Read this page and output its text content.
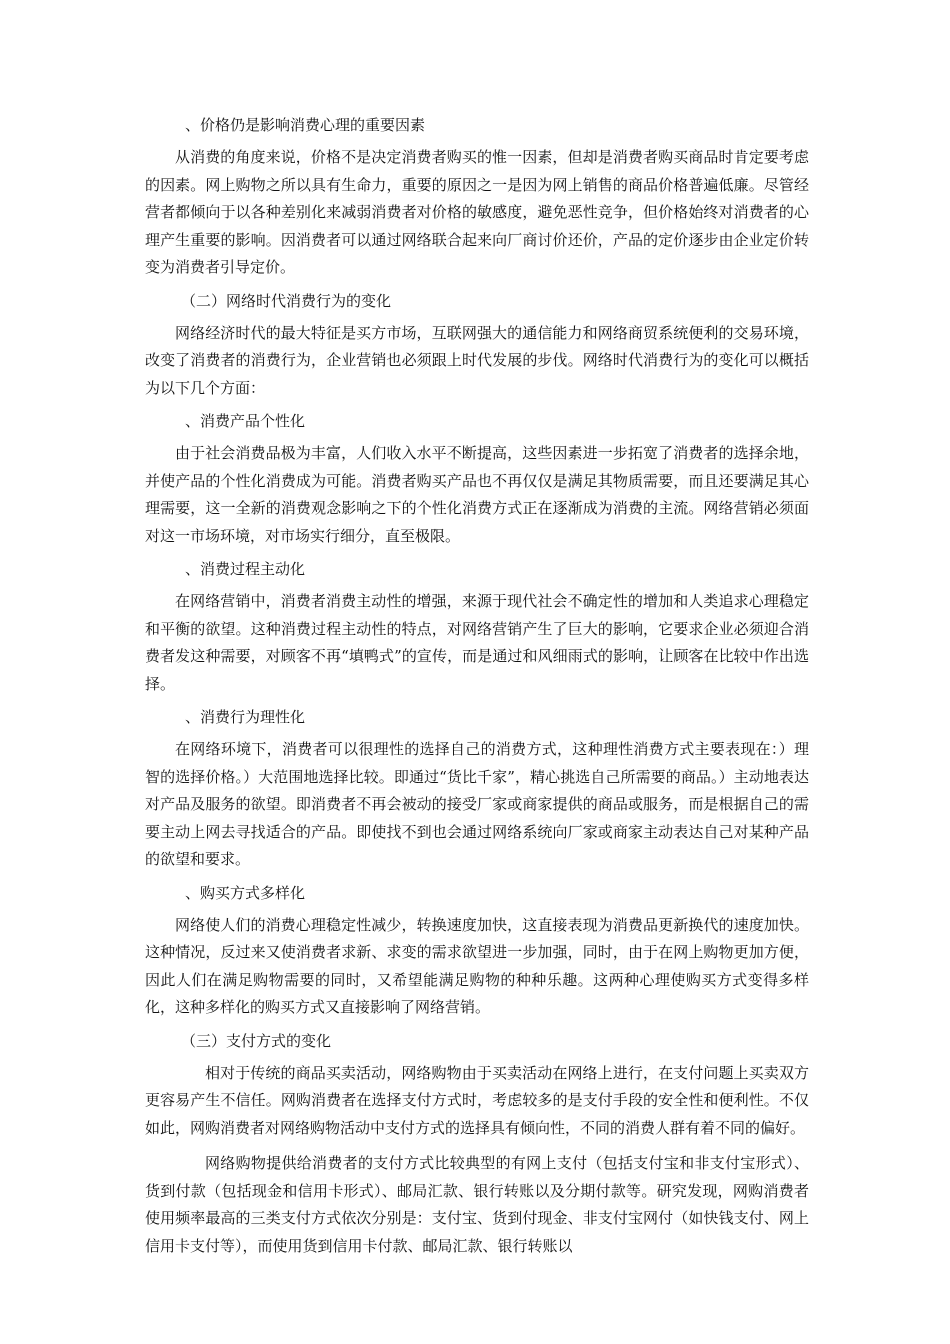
、价格仍是影响消费心理的重要因素

从消费的角度来说，价格不是决定消费者购买的惟一因素，但却是消费者购买商品时肯定要考虑的因素。网上购物之所以具有生命力，重要的原因之一是因为网上销售的商品价格普遍低廉。尽管经营者都倾向于以各种差别化来减弱消费者对价格的敏感度，避免恶性竞争，但价格始终对消费者的心理产生重要的影响。因消费者可以通过网络联合起来向厂商讨价还价，产品的定价逐步由企业定价转变为消费者引导定价。

（二）网络时代消费行为的变化

网络经济时代的最大特征是买方市场，互联网强大的通信能力和网络商贸系统便利的交易环境，改变了消费者的消费行为，企业营销也必须跟上时代发展的步伐。网络时代消费行为的变化可以概括为以下几个方面：

、消费产品个性化

由于社会消费品极为丰富，人们收入水平不断提高，这些因素进一步拓宽了消费者的选择余地，并使产品的个性化消费成为可能。消费者购买产品也不再仅仅是满足其物质需要，而且还要满足其心理需要，这一全新的消费观念影响之下的个性化消费方式正在逐渐成为消费的主流。网络营销必须面对这一市场环境，对市场实行细分，直至极限。

、消费过程主动化

在网络营销中，消费者消费主动性的增强，来源于现代社会不确定性的增加和人类追求心理稳定和平衡的欲望。这种消费过程主动性的特点，对网络营销产生了巨大的影响，它要求企业必须迎合消费者发这种需要，对顾客不再“填鸭式”的宣传，而是通过和风细雨式的影响，让顾客在比较中作出选择。

、消费行为理性化

在网络环境下，消费者可以很理性的选择自己的消费方式，这种理性消费方式主要表现在：）理智的选择价格。）大范围地选择比较。即通过“货比千家”，精心挑选自己所需要的商品。）主动地表达对产品及服务的欲望。即消费者不再会被动的接受厂家或商家提供的商品或服务，而是根据自己的需要主动上网去寻找适合的产品。即使找不到也会通过网络系统向厂家或商家主动表达自己对某种产品的欲望和要求。

、购买方式多样化

网络使人们的消费心理稳定性减少，转换速度加快，这直接表现为消费品更新换代的速度加快。这种情况，反过来又使消费者求新、求变的需求欲望进一步加强，同时，由于在网上购物更加方便，因此人们在满足购物需要的同时，又希望能满足购物的种种乐趣。这两种心理使购买方式变得多样化，这种多样化的购买方式又直接影响了网络营销。

（三）支付方式的变化

相对于传统的商品买卖活动，网络购物由于买卖活动在网络上进行，在支付问题上买卖双方更容易产生不信任。网购消费者在选择支付方式时，考虑较多的是支付手段的安全性和便利性。不仅如此，网购消费者对网络购物活动中支付方式的选择具有倾向性，不同的消费人群有着不同的偏好。

网络购物提供给消费者的支付方式比较典型的有网上支付（包括支付宝和非支付宝形式）、货到付款（包括现金和信用卡形式）、邮局汇款、银行转账以及分期付款等。研究发现，网购消费者使用频率最高的三类支付方式依次分别是：支付宝、货到付现金、非支付宝网付（如快钱支付、网上信用卡支付等），而使用货到信用卡付款、邮局汇款、银行转账以
